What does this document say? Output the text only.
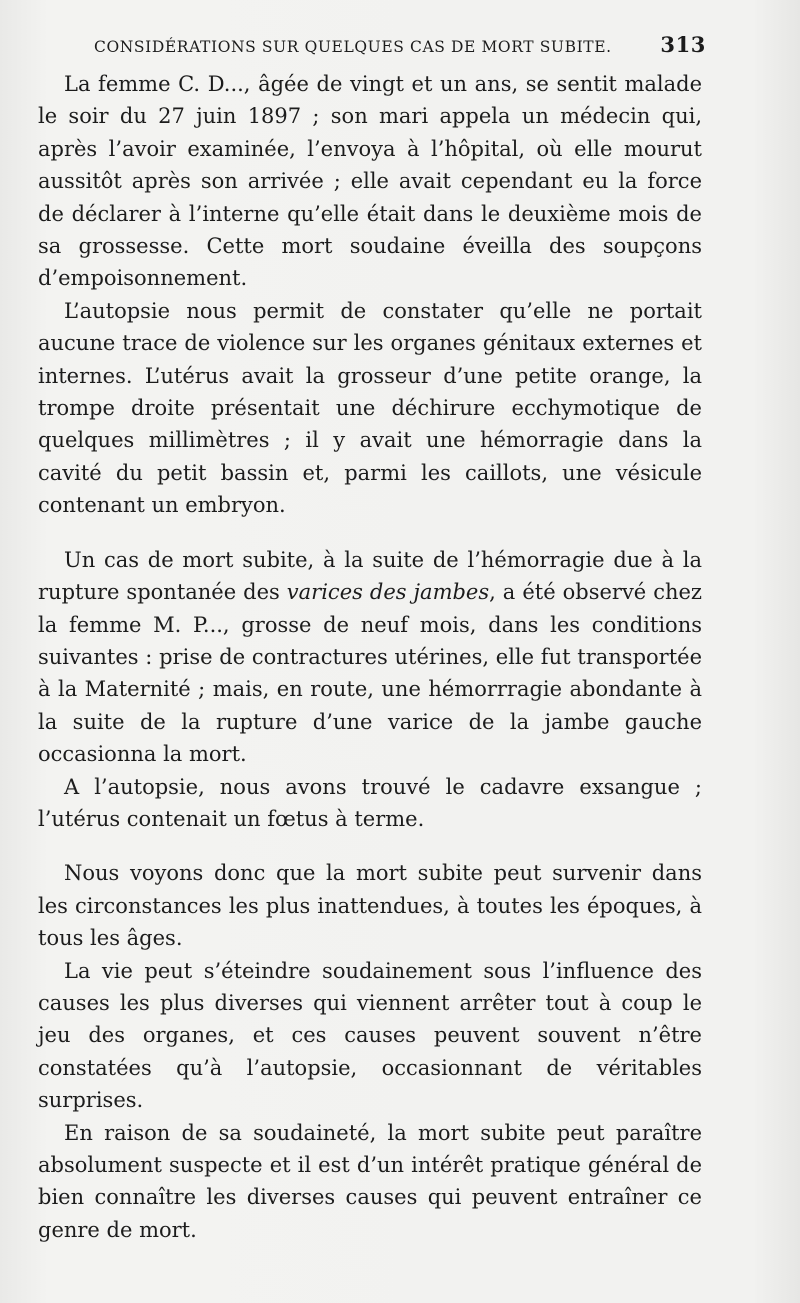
CONSIDÉRATIONS SUR QUELQUES CAS DE MORT SUBITE. 313

La femme C. D..., âgée de vingt et un ans, se sentit malade le soir du 27 juin 1897 ; son mari appela un médecin qui, après l’avoir examinée, l’envoya à l’hôpital, où elle mourut aussitôt après son arrivée ; elle avait cependant eu la force de déclarer à l’interne qu’elle était dans le deuxième mois de sa grossesse. Cette mort soudaine éveilla des soupçons d’empoisonnement.

L’autopsie nous permit de constater qu’elle ne portait aucune trace de violence sur les organes génitaux externes et internes. L’utérus avait la grosseur d’une petite orange, la trompe droite présentait une déchirure ecchymotique de quelques millimètres ; il y avait une hémorragie dans la cavité du petit bassin et, parmi les caillots, une vésicule contenant un embryon.

Un cas de mort subite, à la suite de l’hémorragie due à la rupture spontanée des varices des jambes, a été observé chez la femme M. P..., grosse de neuf mois, dans les conditions suivantes : prise de contractures utérines, elle fut transportée à la Maternité ; mais, en route, une hémorrragie abondante à la suite de la rupture d’une varice de la jambe gauche occasionna la mort.

A l’autopsie, nous avons trouvé le cadavre exsangue ; l’utérus contenait un fœtus à terme.

Nous voyons donc que la mort subite peut survenir dans les circonstances les plus inattendues, à toutes les époques, à tous les âges.

La vie peut s’éteindre soudainement sous l’influence des causes les plus diverses qui viennent arrêter tout à coup le jeu des organes, et ces causes peuvent souvent n’être constatées qu’à l’autopsie, occasionnant de véritables surprises.

En raison de sa soudaineté, la mort subite peut paraître absolument suspecte et il est d’un intérêt pratique général de bien connaître les diverses causes qui peuvent entraîner ce genre de mort.
